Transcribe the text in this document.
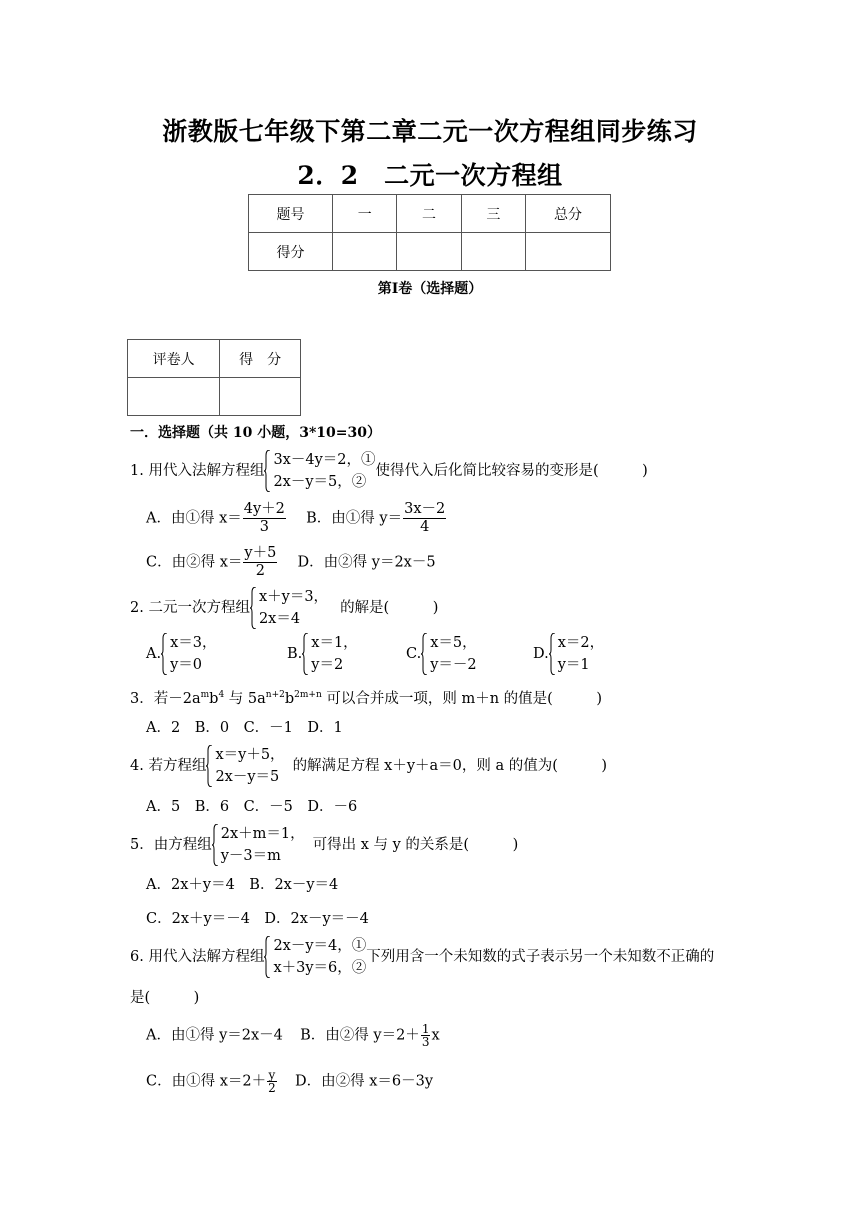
浙教版七年级下第二章二元一次方程组同步练习
2．2　二元一次方程组
题号	一	二	三	总分
得分				
第Ⅰ卷（选择题）
评卷人	得　分

一．选择题（共 10 小题，3*10=30）
1. 用代入法解方程组
3x－4y＝2，①
2x－y＝5，②
使得代入后化简比较容易的变形是(　　　)
A．由①得 $x= \frac{4y+2}{3}$ B．由①得 $y= \frac{3x-2}{4}$
C．由②得 $x= \frac{y+5}{2}$ D．由②得 y＝2x－5
2. 二元一次方程组
x＋y＝3，
2x＝4
的解是(　　　)
A.
x＝3，
y＝0
B.
x＝1，
y＝2
C.
x＝5，
y＝－2
D.
x＝2，
y＝1
3．若$-2a^mb^4$ 与 $5a^{n+2}b^{2m+n}$ 可以合并成一项，则 m＋n 的值是(　　　)
A．2　B．0　C．－1　D．1
4. 若方程组
x＝y＋5，
2x－y＝5
的解满足方程 x＋y＋a＝0，则 a 的值为(　　　)
A．5　B．6　C．－5　D．－6
5．由方程组
2x＋m＝1，
y－3＝m
可得出 x 与 y 的关系是(　　　)
A．2x＋y＝4　B．2x－y＝4
C．2x＋y＝－4　D．2x－y＝－4
6. 用代入法解方程组
2x－y＝4，①
x＋3y＝6，②
下列用含一个未知数的式子表示另一个未知数不正确的
是(　　　)
A．由①得 y＝2x－4 B．由②得 $y=2+ \frac{1}{3}$ x
C．由①得 $x=2+ \frac{y}{2}$ D．由②得 x＝6－3y
